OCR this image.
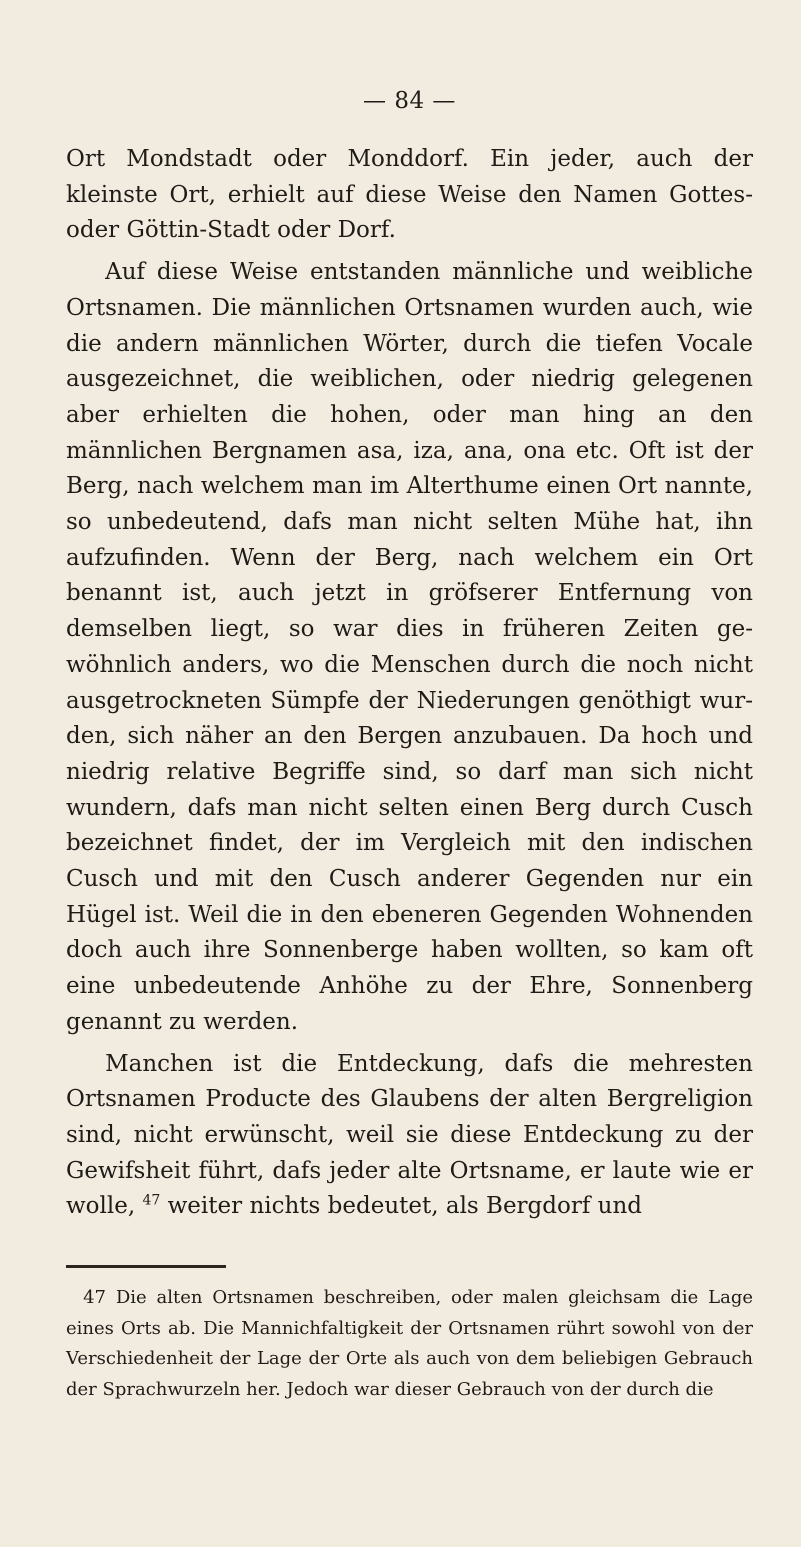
— 84 —

Ort Mondstadt oder Monddorf. Ein jeder, auch der kleinste Ort, erhielt auf diese Weise den Namen Gottes- oder Göttin-Stadt oder Dorf.

Auf diese Weise entstanden männliche und weibliche Ortsnamen. Die männlichen Ortsnamen wurden auch, wie die andern männlichen Wörter, durch die tiefen Vocale ausgezeichnet, die weiblichen, oder niedrig gelegenen aber erhielten die hohen, oder man hing an den männlichen Bergnamen asa, iza, ana, ona etc. Oft ist der Berg, nach welchem man im Alterthume einen Ort nannte, so unbedeutend, dafs man nicht selten Mühe hat, ihn aufzufinden. Wenn der Berg, nach welchem ein Ort benannt ist, auch jetzt in gröfserer Entfernung von demselben liegt, so war dies in früheren Zeiten gewöhnlich anders, wo die Menschen durch die noch nicht ausgetrockneten Sümpfe der Niederungen genöthigt wurden, sich näher an den Bergen anzubauen. Da hoch und niedrig relative Begriffe sind, so darf man sich nicht wundern, dafs man nicht selten einen Berg durch Cusch bezeichnet findet, der im Vergleich mit den indischen Cusch und mit den Cusch anderer Gegenden nur ein Hügel ist. Weil die in den ebeneren Gegenden Wohnenden doch auch ihre Sonnenberge haben wollten, so kam oft eine unbedeutende Anhöhe zu der Ehre, Sonnenberg genannt zu werden.

Manchen ist die Entdeckung, dafs die mehresten Ortsnamen Producte des Glaubens der alten Bergreligion sind, nicht erwünscht, weil sie diese Entdeckung zu der Gewifsheit führt, dafs jeder alte Ortsname, er laute wie er wolle, $^{47}$ weiter nichts bedeutet, als Bergdorf und

47 Die alten Ortsnamen beschreiben, oder malen gleichsam die Lage eines Orts ab. Die Mannichfaltigkeit der Ortsnamen rührt sowohl von der Verschiedenheit der Lage der Orte als auch von dem beliebigen Gebrauch der Sprachwurzeln her. Jedoch war dieser Gebrauch von der durch die
